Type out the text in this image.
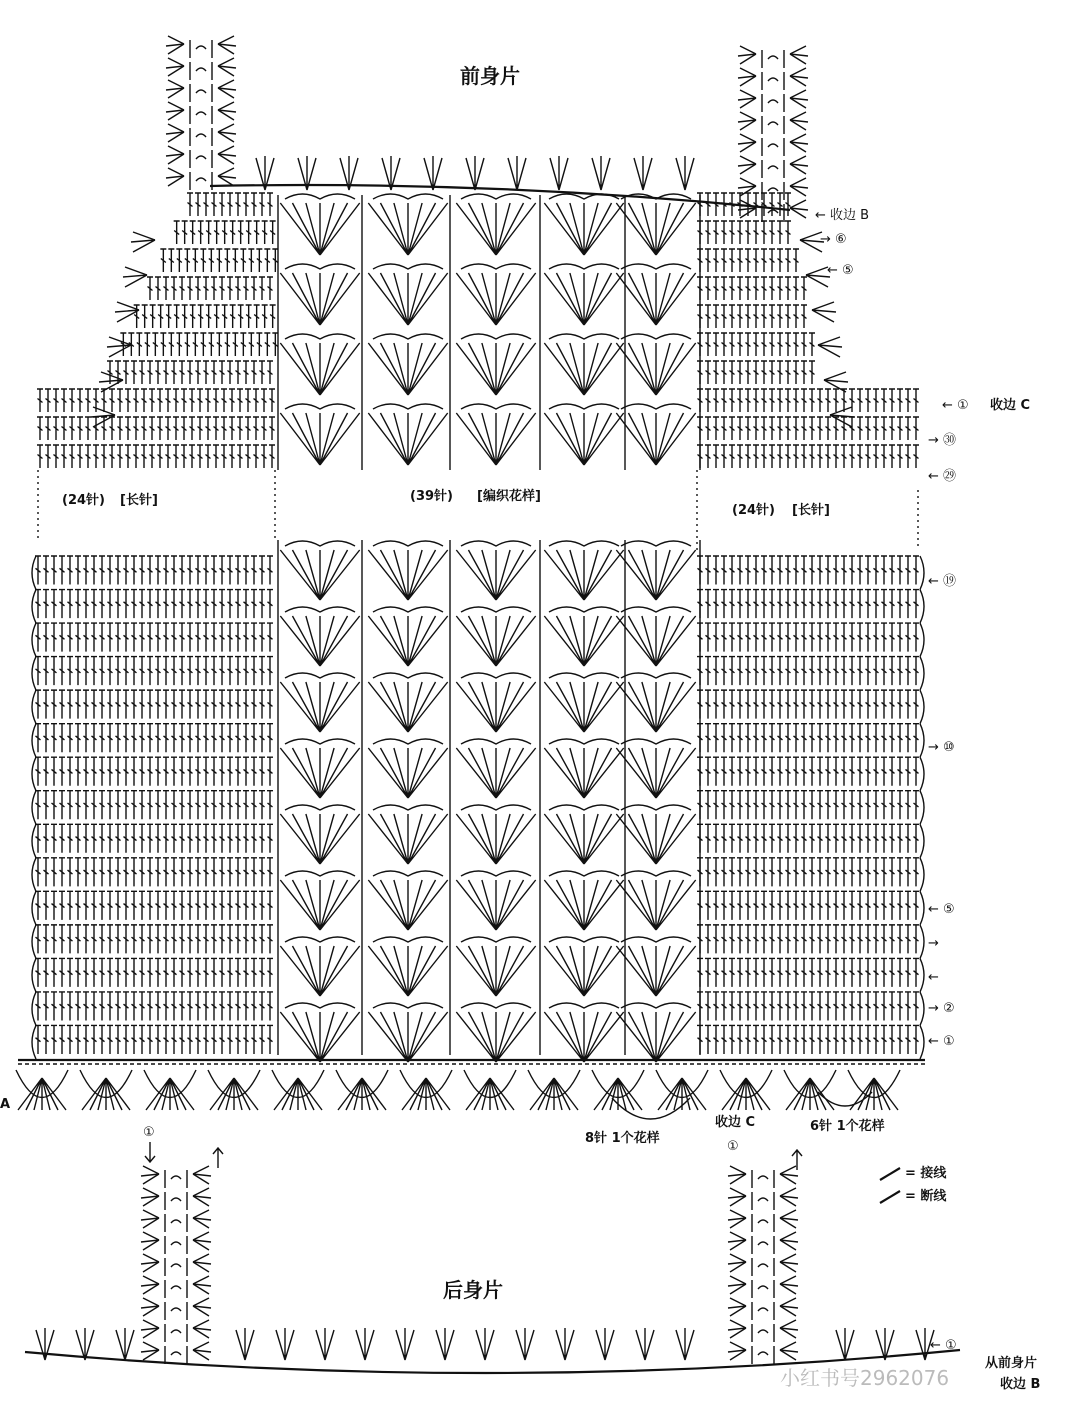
前身片
后身片
(24针) [长针]	(39针) [编织花样]
(24针) [长针]
← 收边 B
→ ⑥
← ⑤
← ① 收边 C
→ ㉚
← ㉙
← ⑲
→ ⑩
← ⑤
→
←
→ ②
← ①
8针 1个花样
收边 C	6针 1个花样
= 接线
= 断线
← ①
从前身片
收边 B
①
①
A
小红书号2962076
